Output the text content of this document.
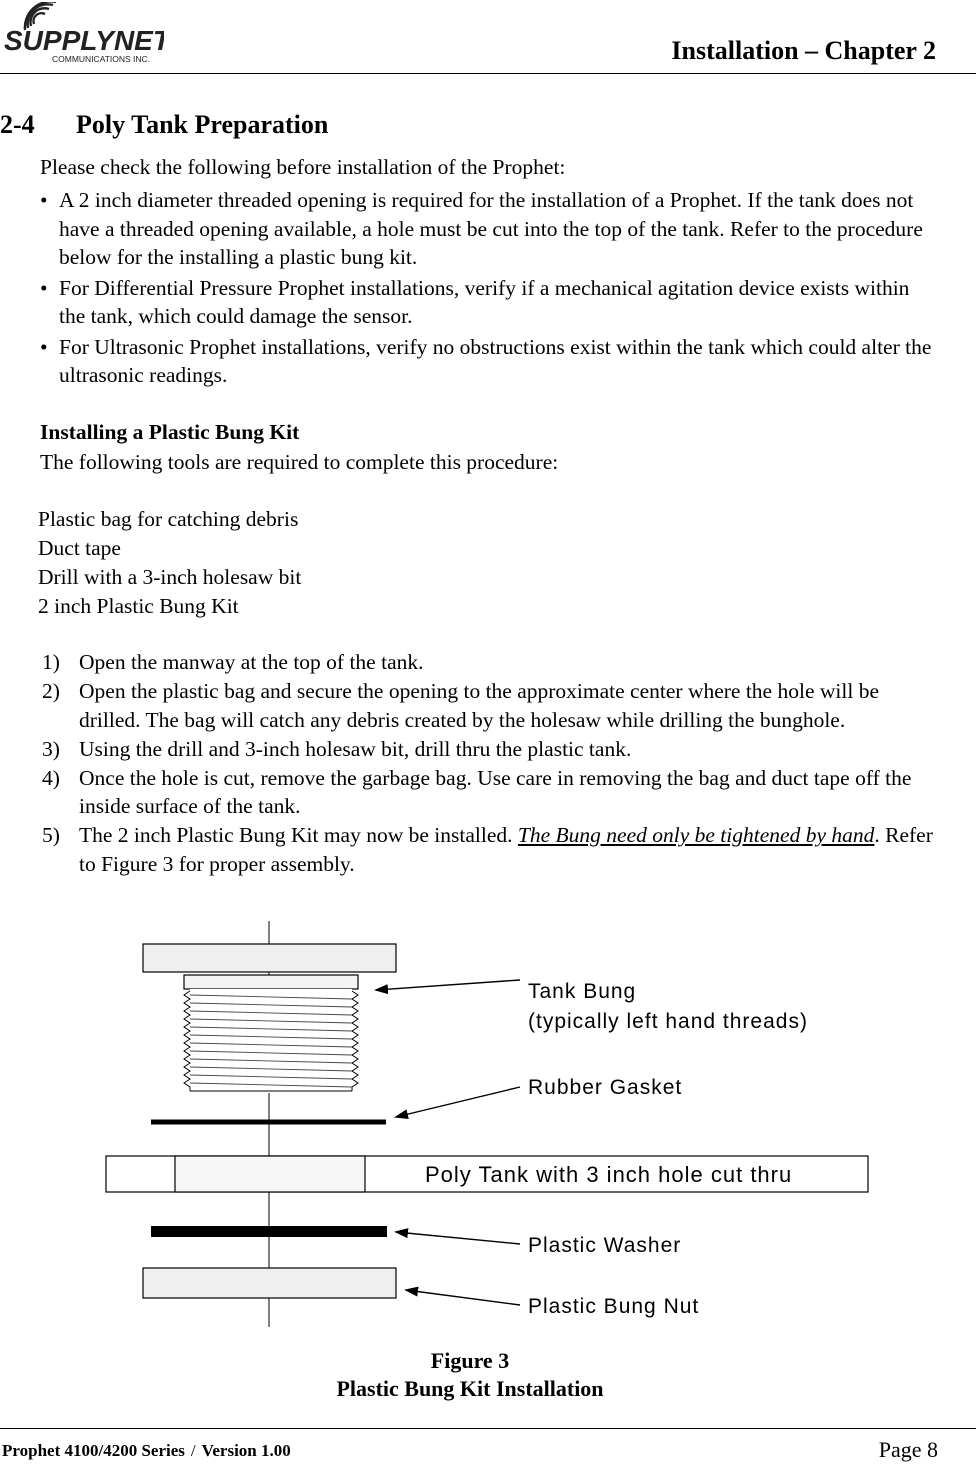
SUPPLYNET
COMMUNICATIONS INC.	Installation – Chapter 2
2-4 Poly Tank Preparation
Please check the following before installation of the Prophet:
• A 2 inch diameter threaded opening is required for the installation of a Prophet. If the tank does not have a threaded opening available, a hole must be cut into the top of the tank. Refer to the procedure below for the installing a plastic bung kit.
• For Differential Pressure Prophet installations, verify if a mechanical agitation device exists within the tank, which could damage the sensor.
• For Ultrasonic Prophet installations, verify no obstructions exist within the tank which could alter the ultrasonic readings.
Installing a Plastic Bung Kit
The following tools are required to complete this procedure:
Plastic bag for catching debris
Duct tape
Drill with a 3-inch holesaw bit
2 inch Plastic Bung Kit
1) Open the manway at the top of the tank.
2) Open the plastic bag and secure the opening to the approximate center where the hole will be drilled. The bag will catch any debris created by the holesaw while drilling the bunghole.
3) Using the drill and 3-inch holesaw bit, drill thru the plastic tank.
4) Once the hole is cut, remove the garbage bag. Use care in removing the bag and duct tape off the inside surface of the tank.
5) The 2 inch Plastic Bung Kit may now be installed. The Bung need only be tightened by hand. Refer to Figure 3 for proper assembly.
Tank Bung
(typically left hand threads)
Rubber Gasket
Poly Tank with 3 inch hole cut thru
Plastic Washer
Plastic Bung Nut
Figure 3
Plastic Bung Kit Installation
Prophet 4100/4200 Series / Version 1.00	Page 8
